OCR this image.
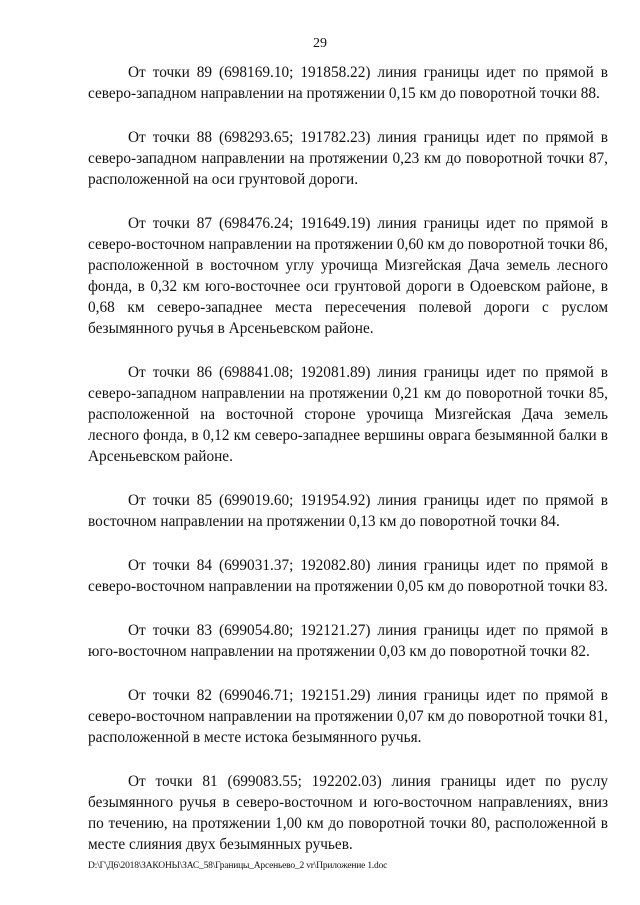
29

От точки 89 (698169.10; 191858.22) линия границы идет по прямой в северо-западном направлении на протяжении 0,15 км до поворотной точки 88.

От точки 88 (698293.65; 191782.23) линия границы идет по прямой в северо-западном направлении на протяжении 0,23 км до поворотной точки 87, расположенной на оси грунтовой дороги.

От точки 87 (698476.24; 191649.19) линия границы идет по прямой в северо-восточном направлении на протяжении 0,60 км до поворотной точки 86, расположенной в восточном углу урочища Мизгейская Дача земель лесного фонда, в 0,32 км юго-восточнее оси грунтовой дороги в Одоевском районе, в 0,68 км северо-западнее места пересечения полевой дороги с руслом безымянного ручья в Арсеньевском районе.

От точки 86 (698841.08; 192081.89) линия границы идет по прямой в северо-западном направлении на протяжении 0,21 км до поворотной точки 85, расположенной на восточной стороне урочища Мизгейская Дача земель лесного фонда, в 0,12 км северо-западнее вершины оврага безымянной балки в Арсеньевском районе.

От точки 85 (699019.60; 191954.92) линия границы идет по прямой в восточном направлении на протяжении 0,13 км до поворотной точки 84.

От точки 84 (699031.37; 192082.80) линия границы идет по прямой в северо-восточном направлении на протяжении 0,05 км до поворотной точки 83.

От точки 83 (699054.80; 192121.27) линия границы идет по прямой в юго-восточном направлении на протяжении 0,03 км до поворотной точки 82.

От точки 82 (699046.71; 192151.29) линия границы идет по прямой в северо-восточном направлении на протяжении 0,07 км до поворотной точки 81, расположенной в месте истока безымянного ручья.

От точки 81 (699083.55; 192202.03) линия границы идет по руслу безымянного ручья в северо-восточном и юго-восточном направлениях, вниз по течению, на протяжении 1,00 км до поворотной точки 80, расположенной в месте слияния двух безымянных ручьев.

D:\Г\Д6\2018\ЗАКОНЫ\ЗАС_58\Границы_Арсеньево_2 vr\Приложение 1.doc
